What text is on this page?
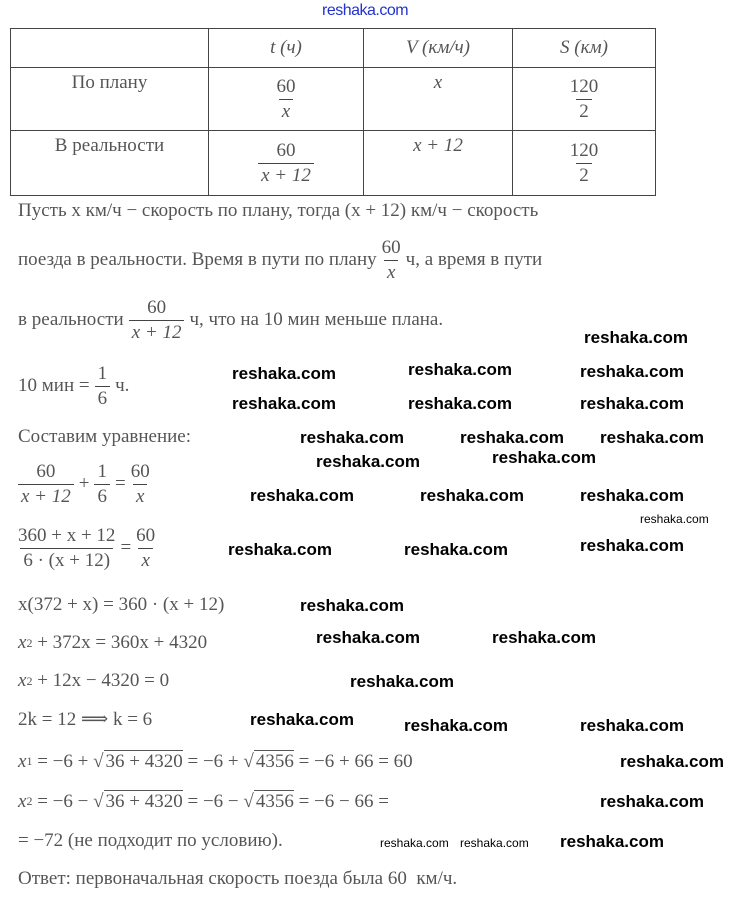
reshaka.com
	t (ч)	V (км/ч)	S (км)
По плану	$\frac{60}{x}$	x	$\frac{120}{2}$

В реальности	$\frac{60}{x + 12}$	x + 12	$\frac{120}{2}$
Пусть x км/ч − скорость по плану, тогда (x + 12) км/ч − скорость
поезда в реальности. Время в пути по плану $\frac{60}{x} ч$, а время в пути
в реальности $\frac{60}{x + 12} ч$, что на 10 мин меньше плана.
10 мин = $\frac{1}{6} ч$.
Составим уравнение:
$\frac{60}{x + 12} + \frac{1}{6} = \frac{60}{x}$
$\frac{360 + x + 12}{6 \cdot (x + 12)} = \frac{60}{x}$
x(372 + x) = 360 · (x + 12)
x 2 + 372x = 360x + 4320
x 2 + 12x − 4320 = 0
2k = 12 ⟹ k = 6
x 1 = −6 + √ 36 + 4320 = −6 + √ 4356 = −6 + 66 = 60
x 2 = −6 − √ 36 + 4320 = −6 − √ 4356 = −6 − 66 =
= −72 (не подходит по условию).
Ответ: первоначальная скорость поезда была 60  км/ч.
reshaka.com
reshaka.com	reshaka.com	reshaka.com
reshaka.com	reshaka.com reshaka.com
reshaka.com	reshaka.com
reshaka.com
reshaka.com
reshaka.com	reshaka.com
reshaka.com
reshaka.com	reshaka.com
reshaka.com
reshaka.com	reshaka.com	reshaka.com
reshaka.com	reshaka.com
reshaka.com
reshaka.com	reshaka.com
reshaka.com
reshaka.com
reshaka.com
reshaka.com
reshaka.com reshaka.com
